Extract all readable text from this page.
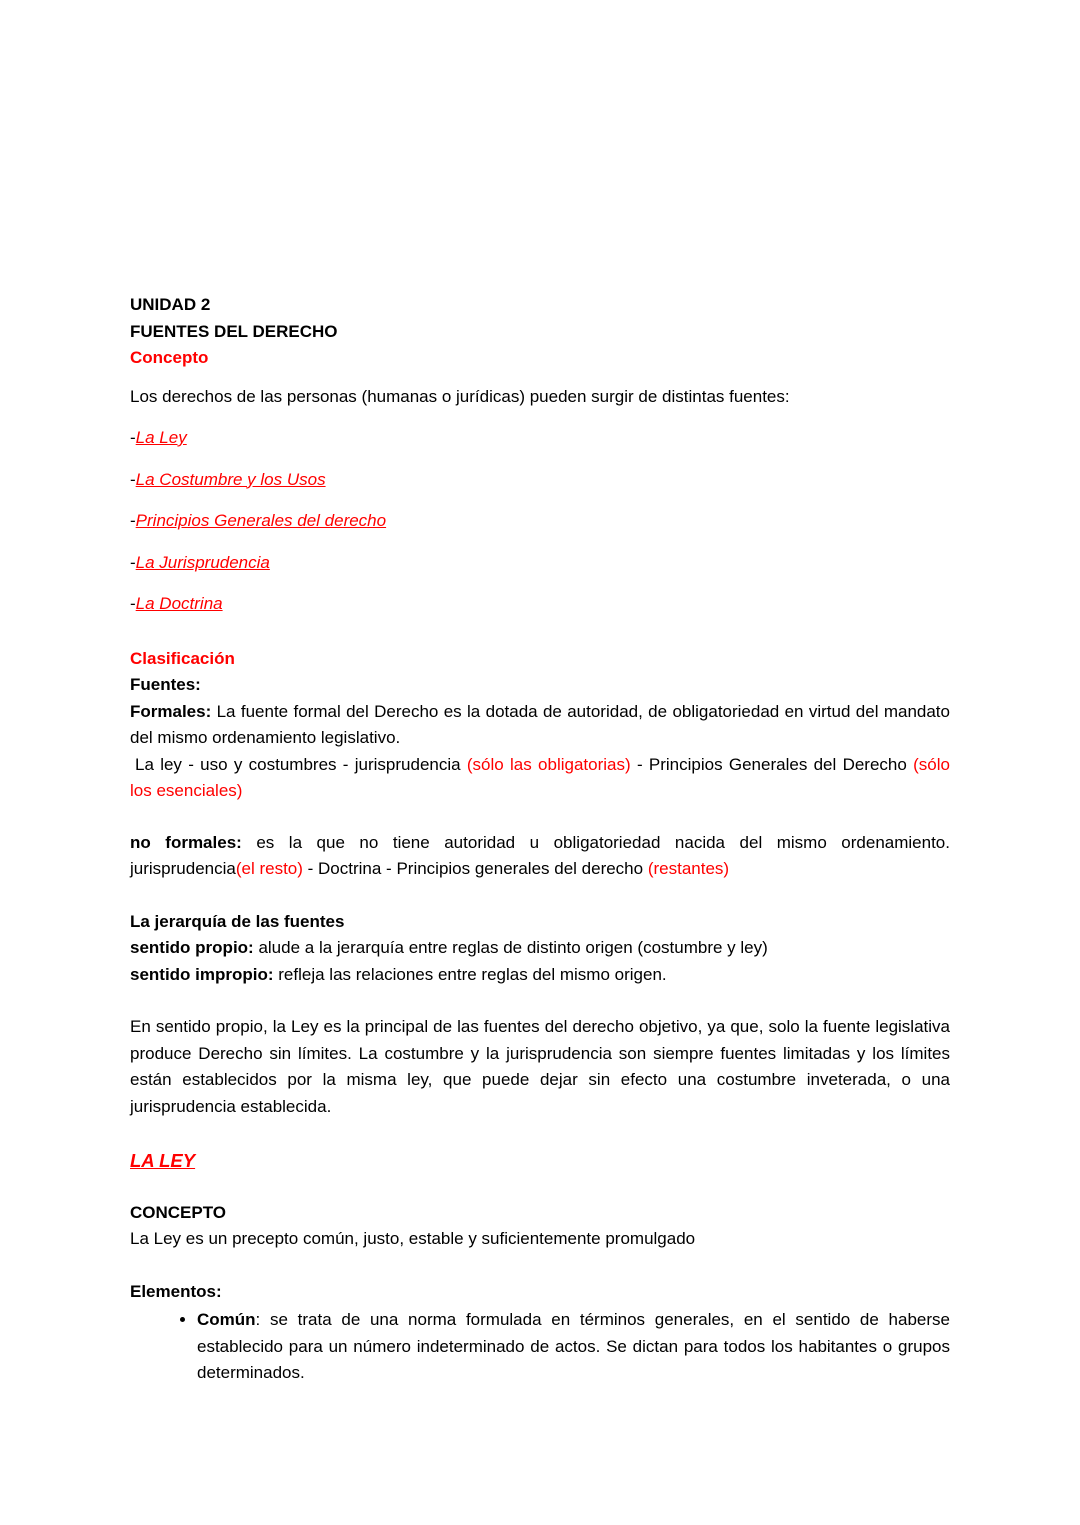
UNIDAD 2

FUENTES DEL DERECHO

Concepto

Los derechos de las personas (humanas o jurídicas) pueden surgir de distintas fuentes:

-La Ley

-La Costumbre y los Usos

-Principios Generales del derecho

-La Jurisprudencia

-La Doctrina

Clasificación

Fuentes:

Formales: La fuente formal del Derecho es la dotada de autoridad, de obligatoriedad en virtud del mandato del mismo ordenamiento legislativo.

La ley - uso y costumbres - jurisprudencia (sólo las obligatorias) - Principios Generales del Derecho (sólo los esenciales)

no formales: es la que no tiene autoridad u obligatoriedad nacida del mismo ordenamiento. jurisprudencia(el resto) - Doctrina - Principios generales del derecho (restantes)

La jerarquía de las fuentes

sentido propio: alude a la jerarquía entre reglas de distinto origen (costumbre y ley)

sentido impropio: refleja las relaciones entre reglas del mismo origen.

En sentido propio, la Ley es la principal de las fuentes del derecho objetivo, ya que, solo la fuente legislativa produce Derecho sin límites. La costumbre y la jurisprudencia son siempre fuentes limitadas y los límites están establecidos por la misma ley, que puede dejar sin efecto una costumbre inveterada, o una jurisprudencia establecida.

LA LEY

CONCEPTO

La Ley es un precepto común, justo, estable y suficientemente promulgado

Elementos:

• Común: se trata de una norma formulada en términos generales, en el sentido de haberse establecido para un número indeterminado de actos. Se dictan para todos los habitantes o grupos determinados.
